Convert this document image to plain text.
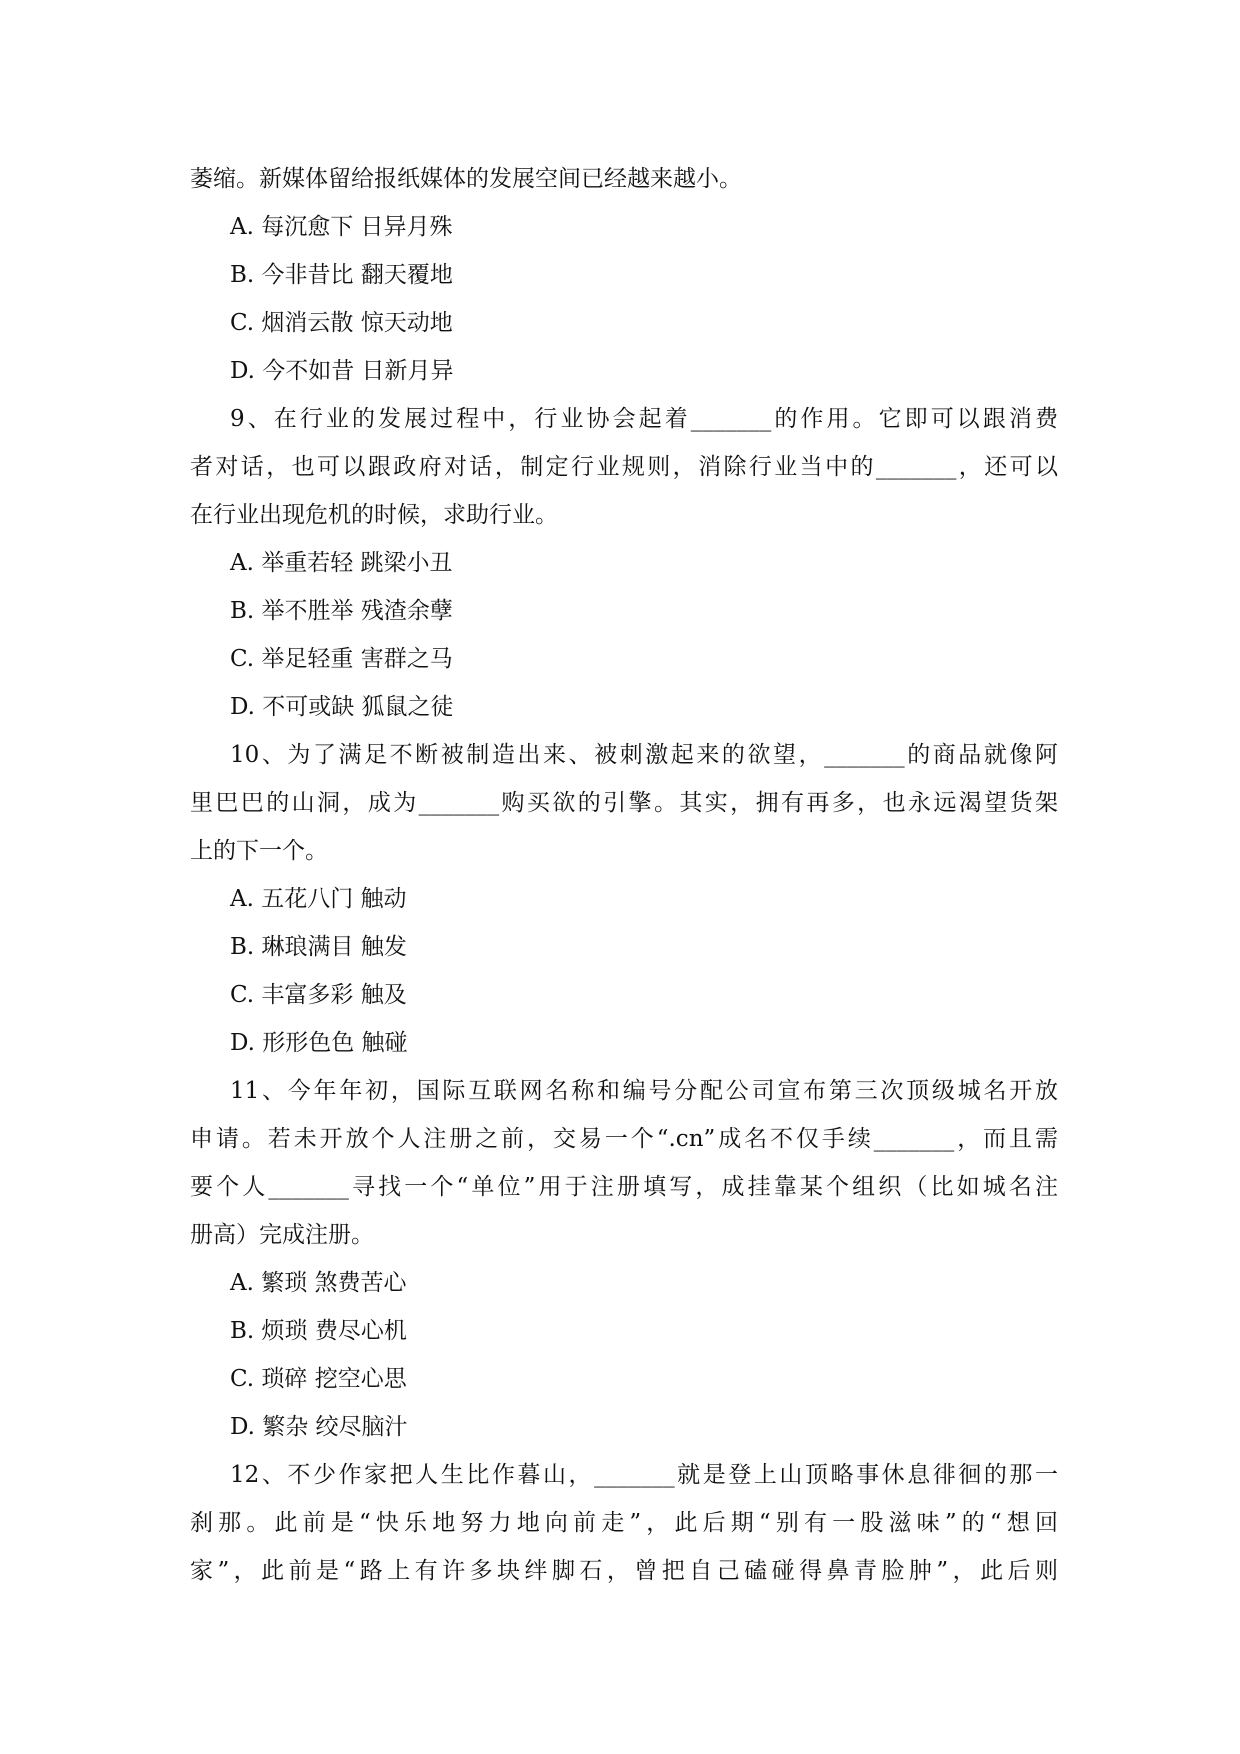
萎缩。新媒体留给报纸媒体的发展空间已经越来越小。
A. 每沉愈下 日异月殊
B. 今非昔比 翻天覆地
C. 烟消云散 惊天动地
D. 今不如昔 日新月异
9、在行业的发展过程中，行业协会起着_______的作用。它即可以跟消费
者对话，也可以跟政府对话，制定行业规则，消除行业当中的_______，还可以
在行业出现危机的时候，求助行业。
A. 举重若轻 跳梁小丑
B. 举不胜举 残渣余孽
C. 举足轻重 害群之马
D. 不可或缺 狐鼠之徒
10、为了满足不断被制造出来、被刺激起来的欲望，_______的商品就像阿
里巴巴的山洞，成为_______购买欲的引擎。其实，拥有再多，也永远渴望货架
上的下一个。
A. 五花八门 触动
B. 琳琅满目 触发
C. 丰富多彩 触及
D. 形形色色 触碰
11、今年年初，国际互联网名称和编号分配公司宣布第三次顶级城名开放
申请。若未开放个人注册之前，交易一个“.cn”成名不仅手续_______，而且需
要个人_______寻找一个“单位”用于注册填写，成挂靠某个组织（比如城名注
册高）完成注册。
A. 繁琐 煞费苦心
B. 烦琐 费尽心机
C. 琐碎 挖空心思
D. 繁杂 绞尽脑汁
12、不少作家把人生比作暮山，_______就是登上山顶略事休息徘徊的那一
刹那。此前是“快乐地努力地向前走”，此后期“别有一股滋味”的“想回
家”，此前是“路上有许多块绊脚石，曾把自己磕碰得鼻青脸肿”，此后则
